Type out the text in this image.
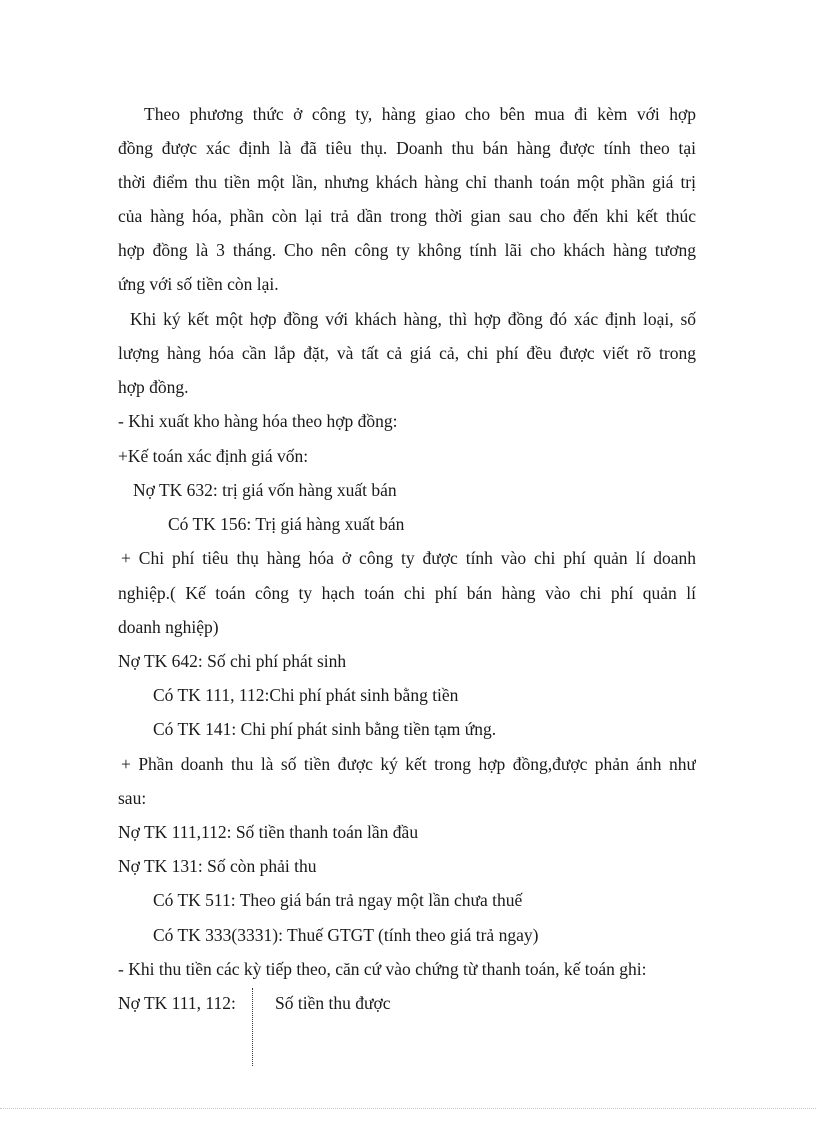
Theo phương thức ở công ty, hàng giao cho bên mua đi kèm với hợp
đồng được xác định là đã tiêu thụ. Doanh thu bán hàng được tính theo tại
thời điểm thu tiền một lần, nhưng khách hàng chỉ thanh toán một phần giá trị
của hàng hóa, phần còn lại trả dần trong thời gian sau cho đến khi kết thúc
hợp đồng là 3 tháng. Cho nên công ty không tính lãi cho khách hàng tương
ứng với số tiền còn lại.
Khi ký kết một hợp đồng với khách hàng, thì hợp đồng đó xác định loại, số
lượng hàng hóa cần lắp đặt, và tất cả giá cả, chi phí đều được viết rõ trong
hợp đồng.
- Khi xuất kho hàng hóa theo hợp đồng:
+Kế toán xác định giá vốn:
Nợ TK 632: trị giá vốn hàng xuất bán
Có TK 156: Trị giá hàng xuất bán
+ Chi phí tiêu thụ hàng hóa ở công ty được tính vào chi phí quản lí doanh
nghiệp.( Kế toán công ty hạch toán chi phí bán hàng vào chi phí quản lí
doanh nghiệp)
Nợ TK 642: Số chi phí phát sinh
Có TK 111, 112:Chi phí phát sinh bằng tiền
Có TK 141: Chi phí phát sinh bằng tiền tạm ứng.
+ Phần doanh thu là số tiền được ký kết trong hợp đồng,được phản ánh như
sau:
Nợ TK 111,112: Số tiền thanh toán lần đầu
Nợ TK 131: Số còn phải thu
Có TK 511: Theo giá bán trả ngay một lần chưa thuế
Có TK 333(3331): Thuế GTGT (tính theo giá trả ngay)
- Khi thu tiền các kỳ tiếp theo, căn cứ vào chứng từ thanh toán, kế toán ghi:
Nợ TK 111, 112: Số tiền thu được
